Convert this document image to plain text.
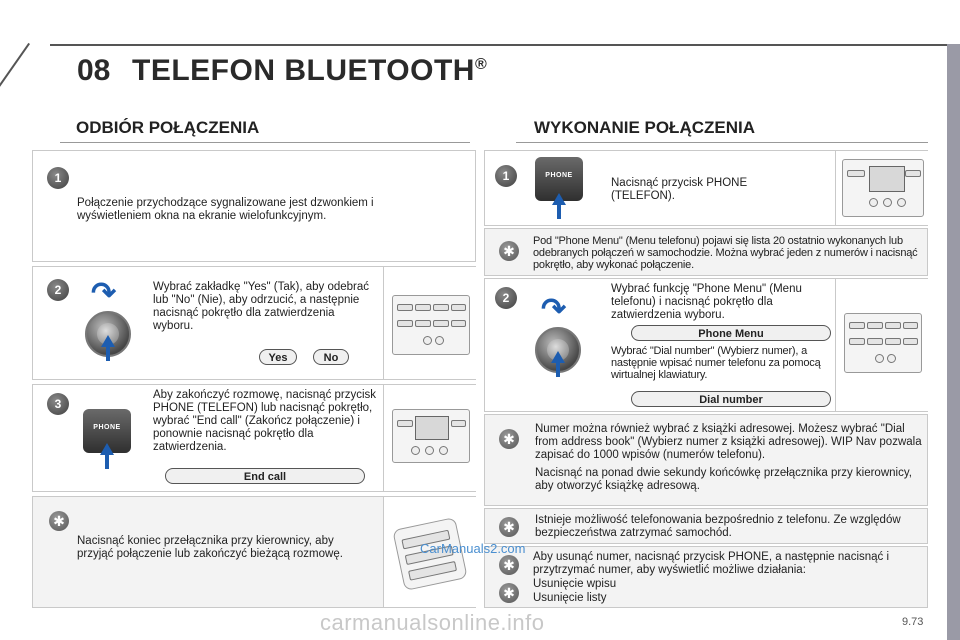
08 TELEFON BLUETOOTH®
ODBIÓR POŁĄCZENIA
1
Połączenie przychodzące sygnalizowane jest dzwonkiem i wyświetleniem okna na ekranie wielofunkcyjnym.
2 ↷	Wybrać zakładkę "Yes" (Tak), aby odebrać lub "No" (Nie), aby odrzucić, a następnie nacisnąć pokrętło dla zatwierdzenia wyboru.
Yes	No
3
PHONE
Aby zakończyć rozmowę, nacisnąć przycisk PHONE (TELEFON) lub nacisnąć pokrętło, wybrać "End call" (Zakończ połączenie) i ponownie nacisnąć pokrętło dla zatwierdzenia.
End call
✱
Nacisnąć koniec przełącznika przy kierownicy, aby przyjąć połączenie lub zakończyć bieżącą rozmowę.
WYKONANIE POŁĄCZENIA
1	PHONE
Nacisnąć przycisk PHONE (TELEFON).
✱
Pod "Phone Menu" (Menu telefonu) pojawi się lista 20 ostatnio wykonanych lub odebranych połączeń w samochodzie. Można wybrać jeden z numerów i nacisnąć pokrętło, aby wykonać połączenie.
2 ↷
Wybrać funkcję "Phone Menu" (Menu telefonu) i nacisnąć pokrętło dla zatwierdzenia wyboru.
Phone Menu
Wybrać "Dial number" (Wybierz numer), a następnie wpisać numer telefonu za pomocą wirtualnej klawiatury.
Dial number
✱
Numer można również wybrać z książki adresowej. Możesz wybrać "Dial from address book" (Wybierz numer z książki adresowej). WIP Nav pozwala zapisać do 1000 wpisów (numerów telefonu).
Nacisnąć na ponad dwie sekundy końcówkę przełącznika przy kierownicy, aby otworzyć książkę adresową.
✱	Istnieje możliwość telefonowania bezpośrednio z telefonu. Ze względów bezpieczeństwa zatrzymać samochód.
✱
✱
Aby usunąć numer, nacisnąć przycisk PHONE, a następnie nacisnąć i przytrzymać numer, aby wyświetlić możliwe działania:
Usunięcie wpisu
Usunięcie listy
CarManuals2.com
carmanualsonline.info	9.73
